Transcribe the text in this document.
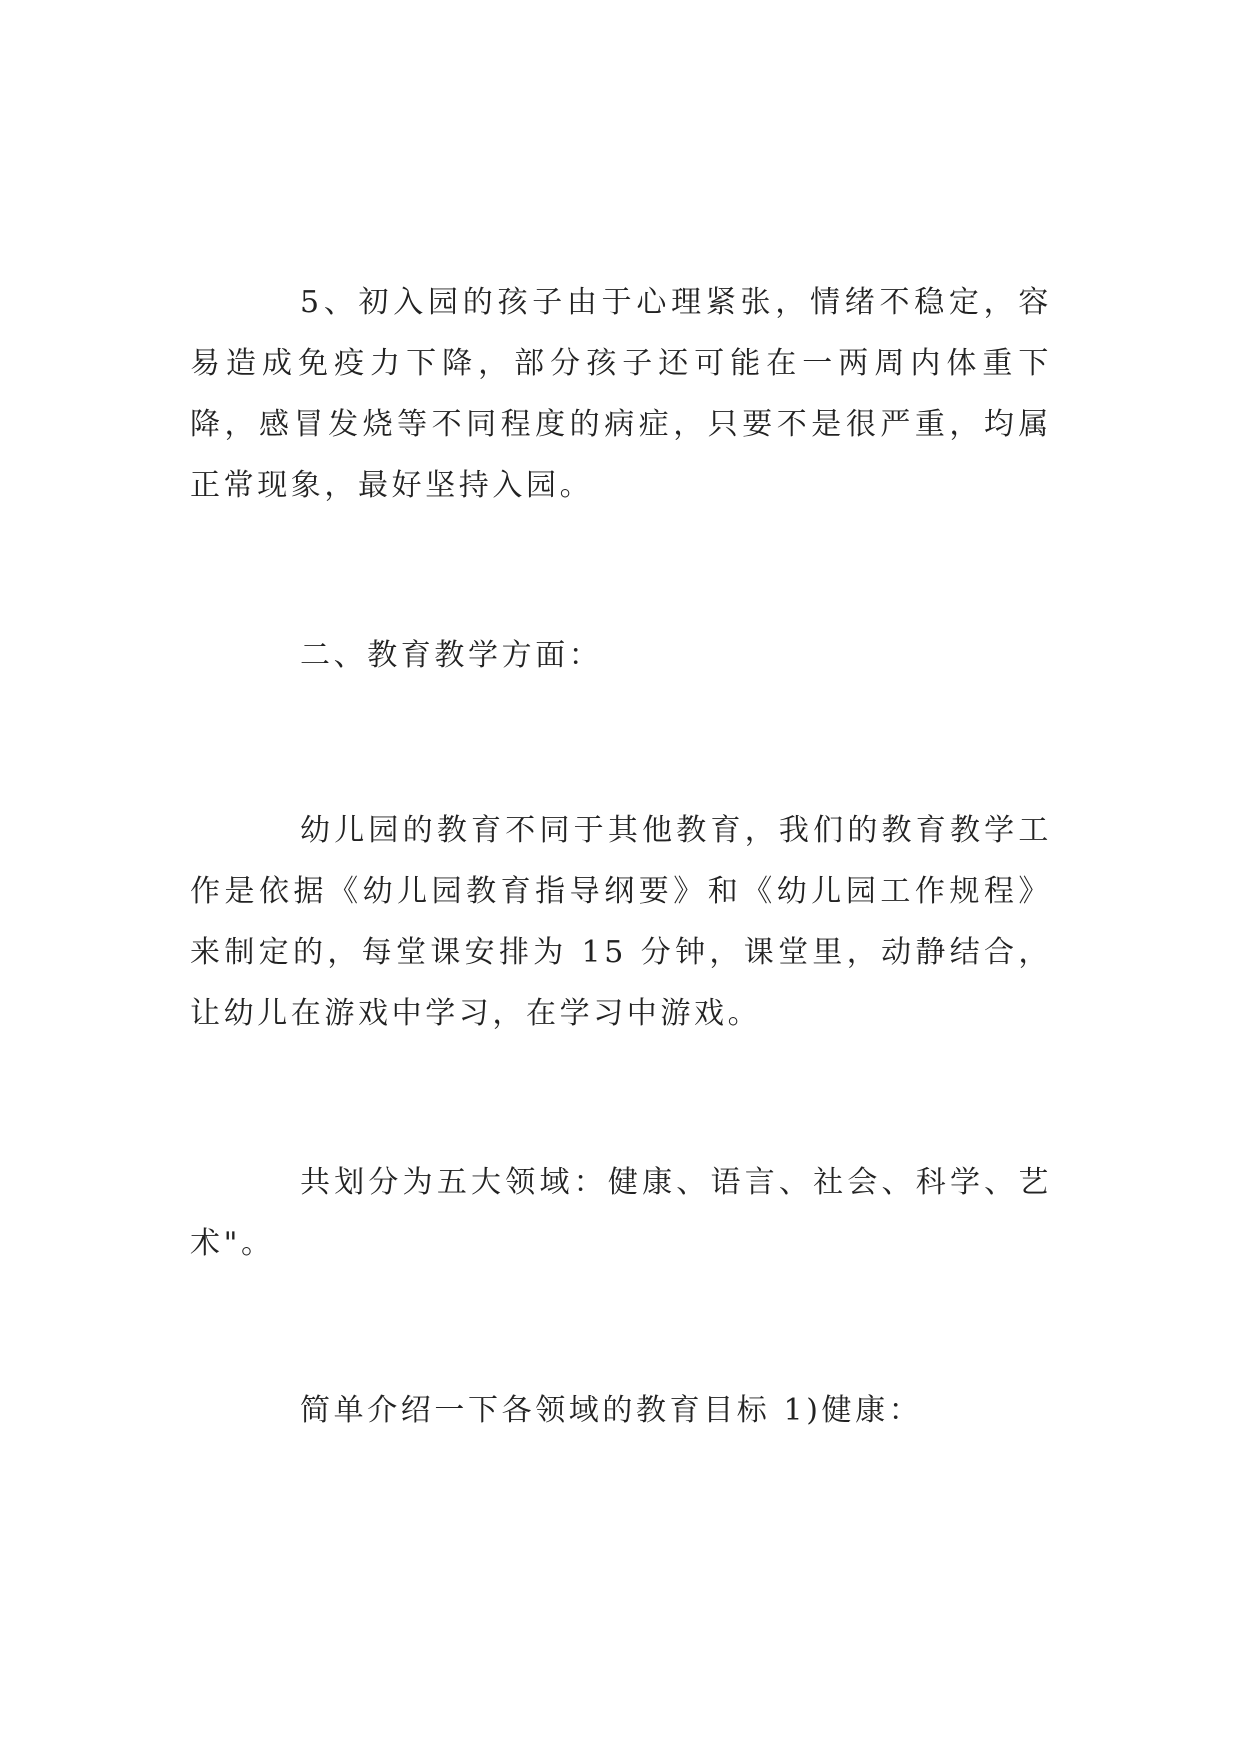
5、初入园的孩子由于心理紧张，情绪不稳定，容易造成免疫力下降，部分孩子还可能在一两周内体重下降，感冒发烧等不同程度的病症，只要不是很严重，均属正常现象，最好坚持入园。

二、教育教学方面：

幼儿园的教育不同于其他教育，我们的教育教学工作是依据《幼儿园教育指导纲要》和《幼儿园工作规程》来制定的，每堂课安排为 15 分钟，课堂里，动静结合，让幼儿在游戏中学习，在学习中游戏。

共划分为五大领域：健康、语言、社会、科学、艺术"。

简单介绍一下各领域的教育目标 1)健康：
